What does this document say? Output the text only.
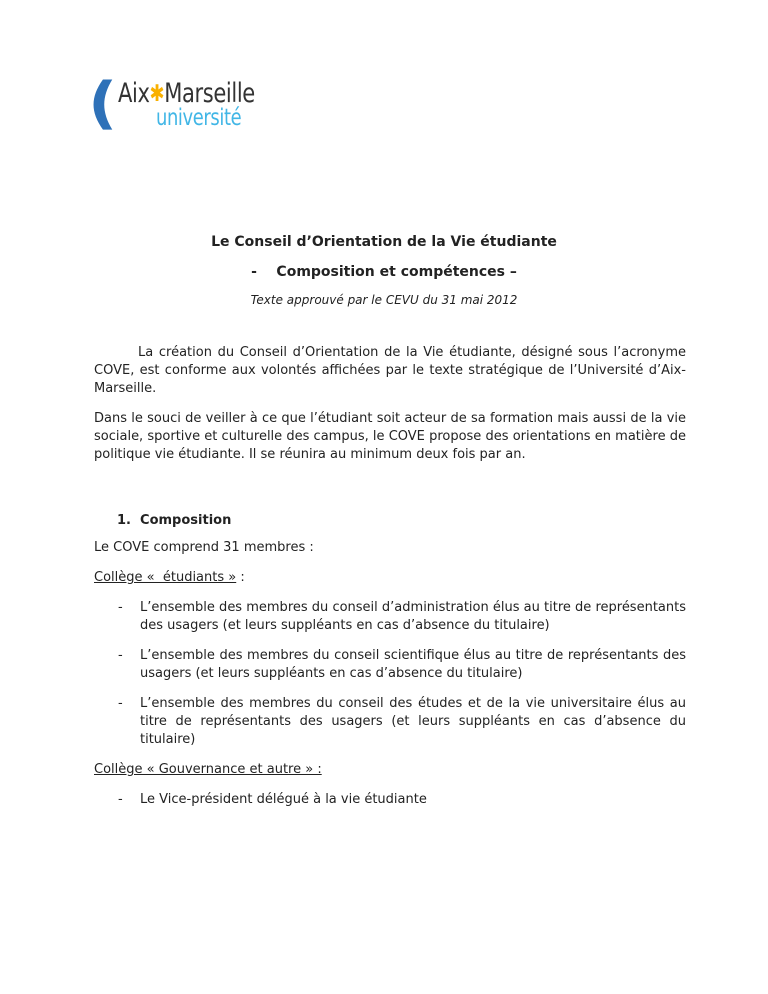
( Aix✱Marseille
université
Le Conseil d’Orientation de la Vie étudiante
-    Composition et compétences –
Texte approuvé par le CEVU du 31 mai 2012

La création du Conseil d’Orientation de la Vie étudiante, désigné sous l’acronyme COVE, est conforme aux volontés affichées par le texte stratégique de l’Université d’Aix-Marseille.

Dans le souci de veiller à ce que l’étudiant soit acteur de sa formation mais aussi de la vie sociale, sportive et culturelle des campus, le COVE propose des orientations en matière de politique vie étudiante. Il se réunira au minimum deux fois par an.

1.  Composition
Le COVE comprend 31 membres :
Collège «  étudiants » :
-	L’ensemble des membres du conseil d’administration élus au titre de représentants des usagers (et leurs suppléants en cas d’absence du titulaire)
-	L’ensemble des membres du conseil scientifique élus au titre de représentants des usagers (et leurs suppléants en cas d’absence du titulaire)
-	L’ensemble des membres du conseil des études et de la vie universitaire élus au titre de représentants des usagers (et leurs suppléants en cas d’absence du titulaire)
Collège « Gouvernance et autre » :
-	Le Vice-président délégué à la vie étudiante
